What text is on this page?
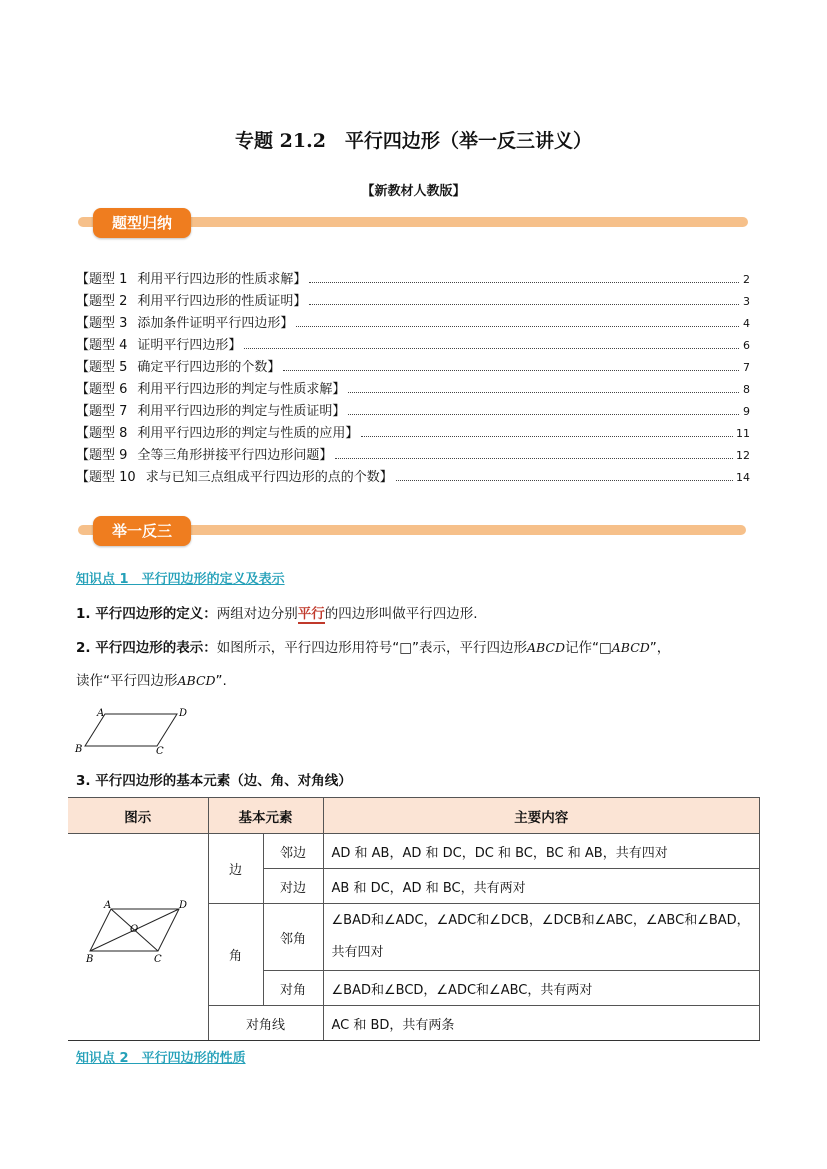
专题 21.2　平行四边形（举一反三讲义）
【新教材人教版】
题型归纳
【题型 1 利用平行四边形的性质求解】	2
【题型 2 利用平行四边形的性质证明】	3
【题型 3 添加条件证明平行四边形】	4
【题型 4 证明平行四边形】	6
【题型 5 确定平行四边形的个数】	7
【题型 6 利用平行四边形的判定与性质求解】	8
【题型 7 利用平行四边形的判定与性质证明】	9
【题型 8 利用平行四边形的判定与性质的应用】	11
【题型 9 全等三角形拼接平行四边形问题】	12
【题型 10 求与已知三点组成平行四边形的点的个数】	14
举一反三
知识点 1　平行四边形的定义及表示
1. 平行四边形的定义：两组对边分别平行的四边形叫做平行四边形.
2. 平行四边形的表示：如图所示，平行四边形用符号“□”表示，平行四边形ABCD记作“□ABCD”，
读作“平行四边形ABCD”.
A	D
B	C
3. 平行四边形的基本元素（边、角、对角线）
图示	基本元素		主要内容

A D
B C
O	边	邻边	AD 和 AB，AD 和 DC，DC 和 BC，BC 和 AB，共有四对
		对边	AB 和 DC，AD 和 BC，共有两对
	角	邻角	∠BAD和∠ADC，∠ADC和∠DCB，∠DCB和∠ABC，∠ABC和∠BAD，
共有四对

		对角	∠BAD和∠BCD，∠ADC和∠ABC，共有两对
	对角线		AC 和 BD，共有两条
知识点 2　平行四边形的性质
